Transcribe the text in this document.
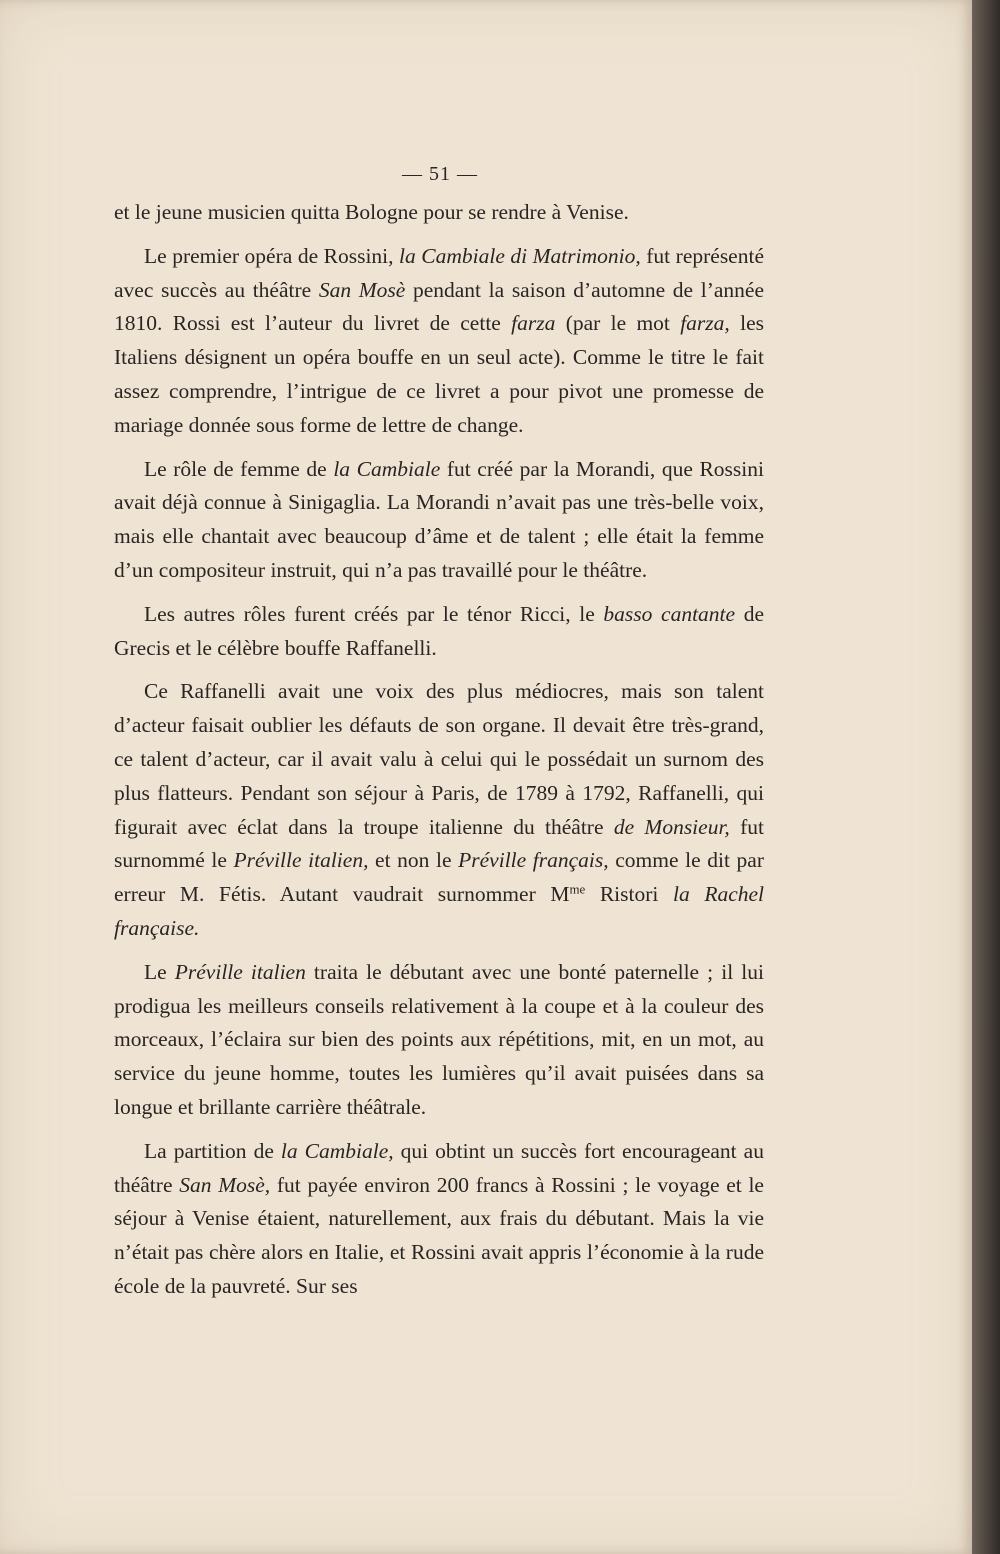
— 51 —

et le jeune musicien quitta Bologne pour se rendre à Venise.

Le premier opéra de Rossini, la Cambiale di Matrimonio, fut représenté avec succès au théâtre San Mosè pendant la saison d’automne de l’année 1810. Rossi est l’auteur du livret de cette farza (par le mot farza, les Italiens désignent un opéra bouffe en un seul acte). Comme le titre le fait assez comprendre, l’intrigue de ce livret a pour pivot une promesse de mariage donnée sous forme de lettre de change.

Le rôle de femme de la Cambiale fut créé par la Morandi, que Rossini avait déjà connue à Sinigaglia. La Morandi n’avait pas une très-belle voix, mais elle chantait avec beaucoup d’âme et de talent ; elle était la femme d’un compositeur instruit, qui n’a pas travaillé pour le théâtre.

Les autres rôles furent créés par le ténor Ricci, le basso cantante de Grecis et le célèbre bouffe Raffanelli.

Ce Raffanelli avait une voix des plus médiocres, mais son talent d’acteur faisait oublier les défauts de son organe. Il devait être très-grand, ce talent d’acteur, car il avait valu à celui qui le possédait un surnom des plus flatteurs. Pendant son séjour à Paris, de 1789 à 1792, Raffanelli, qui figurait avec éclat dans la troupe italienne du théâtre de Monsieur, fut surnommé le Préville italien, et non le Préville français, comme le dit par erreur M. Fétis. Autant vaudrait surnommer $M^{me}$ Ristori la Rachel française.

Le Préville italien traita le débutant avec une bonté paternelle ; il lui prodigua les meilleurs conseils relativement à la coupe et à la couleur des morceaux, l’éclaira sur bien des points aux répétitions, mit, en un mot, au service du jeune homme, toutes les lumières qu’il avait puisées dans sa longue et brillante carrière théâtrale.

La partition de la Cambiale, qui obtint un succès fort encourageant au théâtre San Mosè, fut payée environ 200 francs à Rossini ; le voyage et le séjour à Venise étaient, naturellement, aux frais du débutant. Mais la vie n’était pas chère alors en Italie, et Rossini avait appris l’économie à la rude école de la pauvreté. Sur ses
